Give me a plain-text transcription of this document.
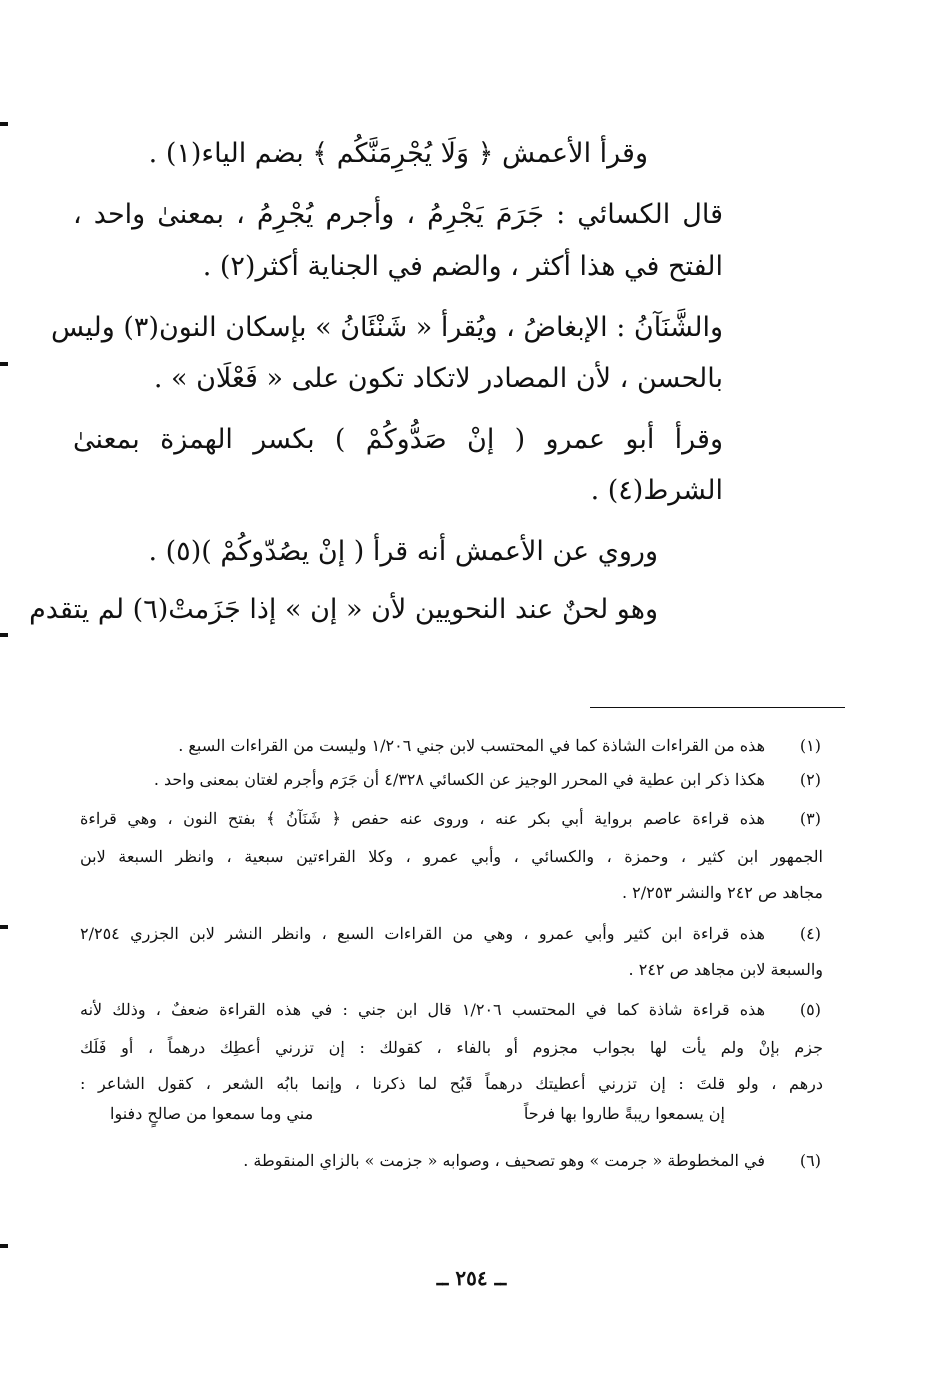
وقرأ الأعمش ﴿ وَلَا يُجْرِمَنَّكُم ﴾ بضم الياء(١) .
قال الكسائي : جَرَمَ يَجْرِمُ ، وأجرم يُجْرِمُ ، بمعنىٰ واحد ،
الفتح في هذا أكثر ، والضم في الجناية أكثر(٢) .
والشَّنَآنُ : الإبغاضُ ، ويُقرأ « شَنْئَانُ » بإسكان النون(٣) وليس
بالحسن ، لأن المصادر لاتكاد تكون على « فَعْلَان » .
وقرأ أبو عمرو ( إنْ صَدُّوكُمْ ) بكسر الهمزة بمعنىٰ
الشرط(٤) .
وروي عن الأعمش أنه قرأ ( إنْ يصُدّوكُمْ )(٥) .
وهو لحنٌ عند النحويين لأن « إن » إذا جَزَمتْ(٦) لم يتقدم
(١)
هذه من القراءات الشاذة كما في المحتسب لابن جني ١/٢٠٦ وليست من القراءات السبع .
(٢)
هكذا ذكر ابن عطية في المحرر الوجيز عن الكسائي ٤/٣٢٨ أن جَرَم وأجرم لغتان بمعنى واحد .
(٣)
هذه قراءة عاصم برواية أبي بكر عنه ، وروى عنه حفص ﴿ شَنَآنُ ﴾ بفتح النون ، وهي قراءة
الجمهور ابن كثير ، وحمزة ، والكسائي ، وأبي عمرو ، وكلا القراءتين سبعية ، وانظر السبعة لابن
مجاهد ص ٢٤٢ والنشر ٢/٢٥٣ .
(٤)
هذه قراءة ابن كثير وأبي عمرو ، وهي من القراءات السبع ، وانظر النشر لابن الجزري ٢/٢٥٤
والسبعة لابن مجاهد ص ٢٤٢ .
(٥)
هذه قراءة شاذة كما في المحتسب ١/٢٠٦ قال ابن جني : في هذه القراءة ضعفٌ ، وذلك لأنه
جزم بإنْ ولم يأت لها بجواب مجزوم أو بالفاء ، كقولك : إن تزرني أعطِك درهماً ، أو فَلَك
درهم ، ولو قلتَ : إن تزرني أعطيتك درهماً قَبُح لما ذكرنا ، وإنما بابُه الشعر ، كقول الشاعر :
إن يسمعوا ريبةً طاروا بها فرحاً
مني وما سمعوا من صالحٍ دفنوا
(٦)
في المخطوطة « جرمت » وهو تصحيف ، وصوابه « جزمت » بالزاي المنقوطة .
ــ ٢٥٤ ــ
